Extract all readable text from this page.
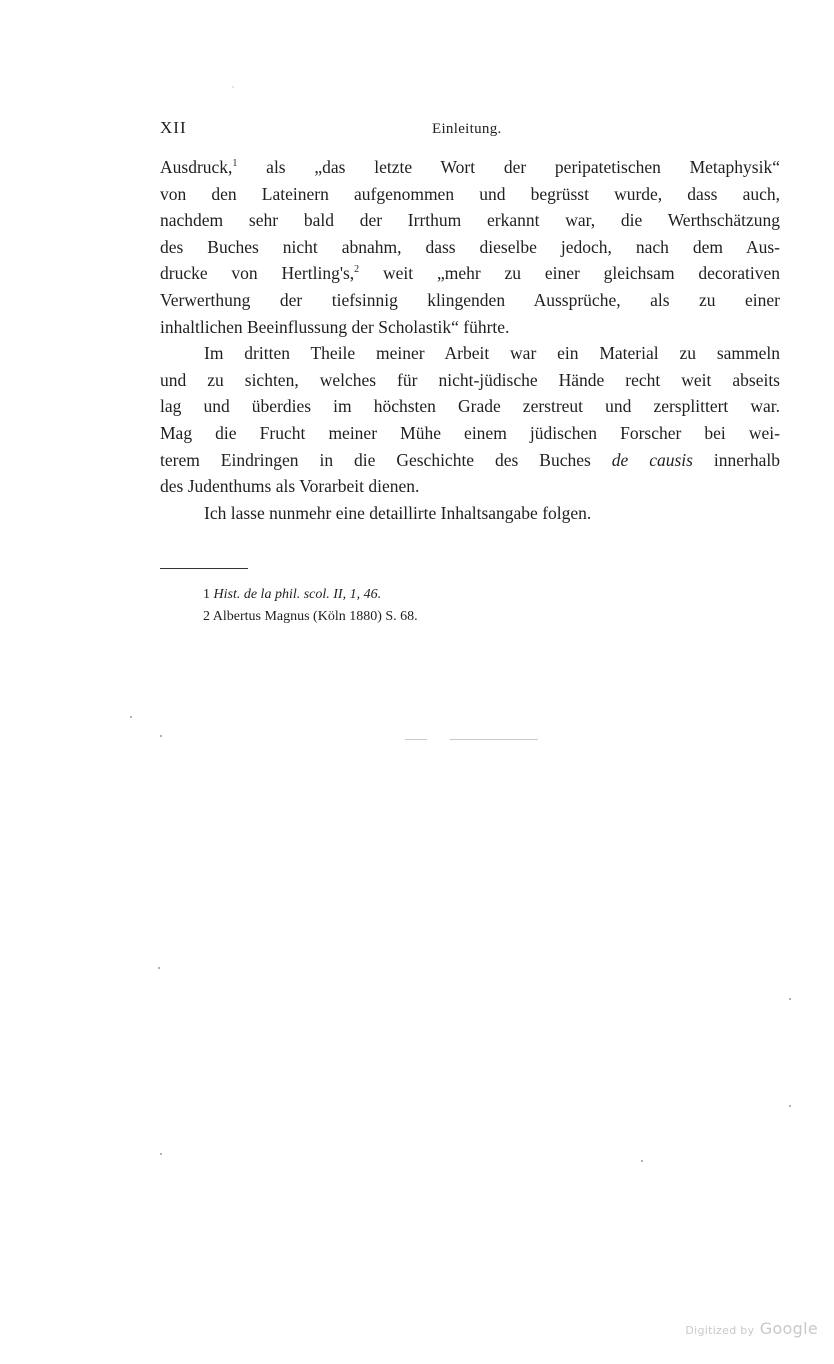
XII	Einleitung.
Ausdruck,$^1$ als „das letzte Wort der peripatetischen Metaphysik“
von den Lateinern aufgenommen und begrüsst wurde, dass auch,
nachdem sehr bald der Irrthum erkannt war, die Werthschätzung
des Buches nicht abnahm, dass dieselbe jedoch, nach dem Aus-
drucke von Hertling's,$^2$ weit „mehr zu einer gleichsam decorativen
Verwerthung der tiefsinnig klingenden Aussprüche, als zu einer
inhaltlichen Beeinflussung der Scholastik“ führte.
Im dritten Theile meiner Arbeit war ein Material zu sammeln
und zu sichten, welches für nicht-jüdische Hände recht weit abseits
lag und überdies im höchsten Grade zerstreut und zersplittert war.
Mag die Frucht meiner Mühe einem jüdischen Forscher bei wei-
terem Eindringen in die Geschichte des Buches de causis innerhalb
des Judenthums als Vorarbeit dienen.
Ich lasse nunmehr eine detaillirte Inhaltsangabe folgen.
1 Hist. de la phil. scol. II, 1, 46.
2 Albertus Magnus (Köln 1880) S. 68.
Digitized by Google
